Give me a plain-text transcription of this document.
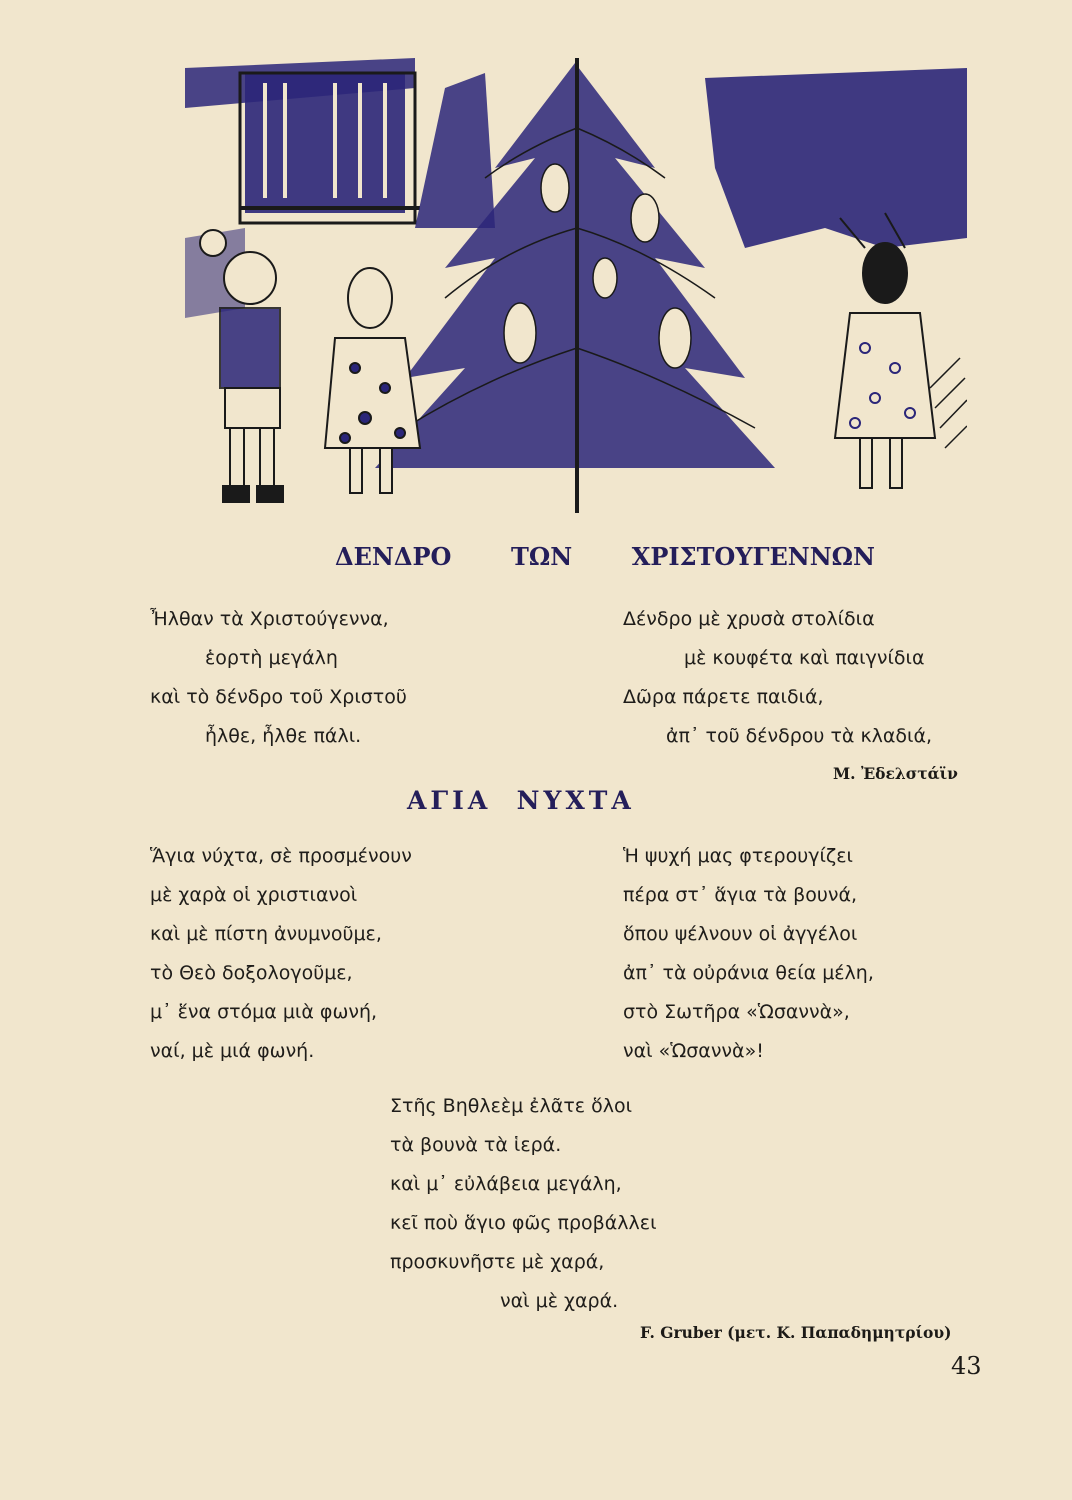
ΔΕΝΔΡΟ ΤΩΝ ΧΡΙΣΤΟΥΓΕΝΝΩΝ

Ἦλθαν τὰ Χριστούγεννα,

ἑορτὴ μεγάλη

καὶ τὸ δένδρο τοῦ Χριστοῦ

ἦλθε, ἦλθε πάλι.

Δένδρο μὲ χρυσὰ στολίδια

μὲ κουφέτα καὶ παιγνίδια

Δῶρα πάρετε παιδιά,

ἀπ᾿ τοῦ δένδρου τὰ κλαδιά,

Μ. Ἐδελστάϊν

ΑΓΙΑ  ΝΥΧΤΑ

Ἅγια νύχτα, σὲ προσμένουν

μὲ χαρὰ οἱ χριστιανοὶ

καὶ μὲ πίστη ἀνυμνοῦμε,

τὸ Θεὸ δοξολογοῦμε,

μ᾿ ἕνα στόμα μιὰ φωνή,

ναί, μὲ μιά φωνή.

Ἡ ψυχή μας φτερουγίζει

πέρα στ᾿ ἅγια τὰ βουνά,

ὅπου ψέλνουν οἱ ἀγγέλοι

ἀπ᾿ τὰ οὐράνια θεία μέλη,

στὸ Σωτῆρα «Ὡσαννὰ»,

ναὶ «Ὡσαννὰ»!

Στῆς Βηθλεὲμ ἐλᾶτε ὅλοι

τὰ βουνὰ τὰ ἱερά.

καὶ μ᾿ εὐλάβεια μεγάλη,

κεῖ ποὺ ἅγιο φῶς προβάλλει

προσκυνῆστε μὲ χαρά,

ναὶ μὲ χαρά.

F. Gruber (μετ. Κ. Παπαδημητρίου)

43
